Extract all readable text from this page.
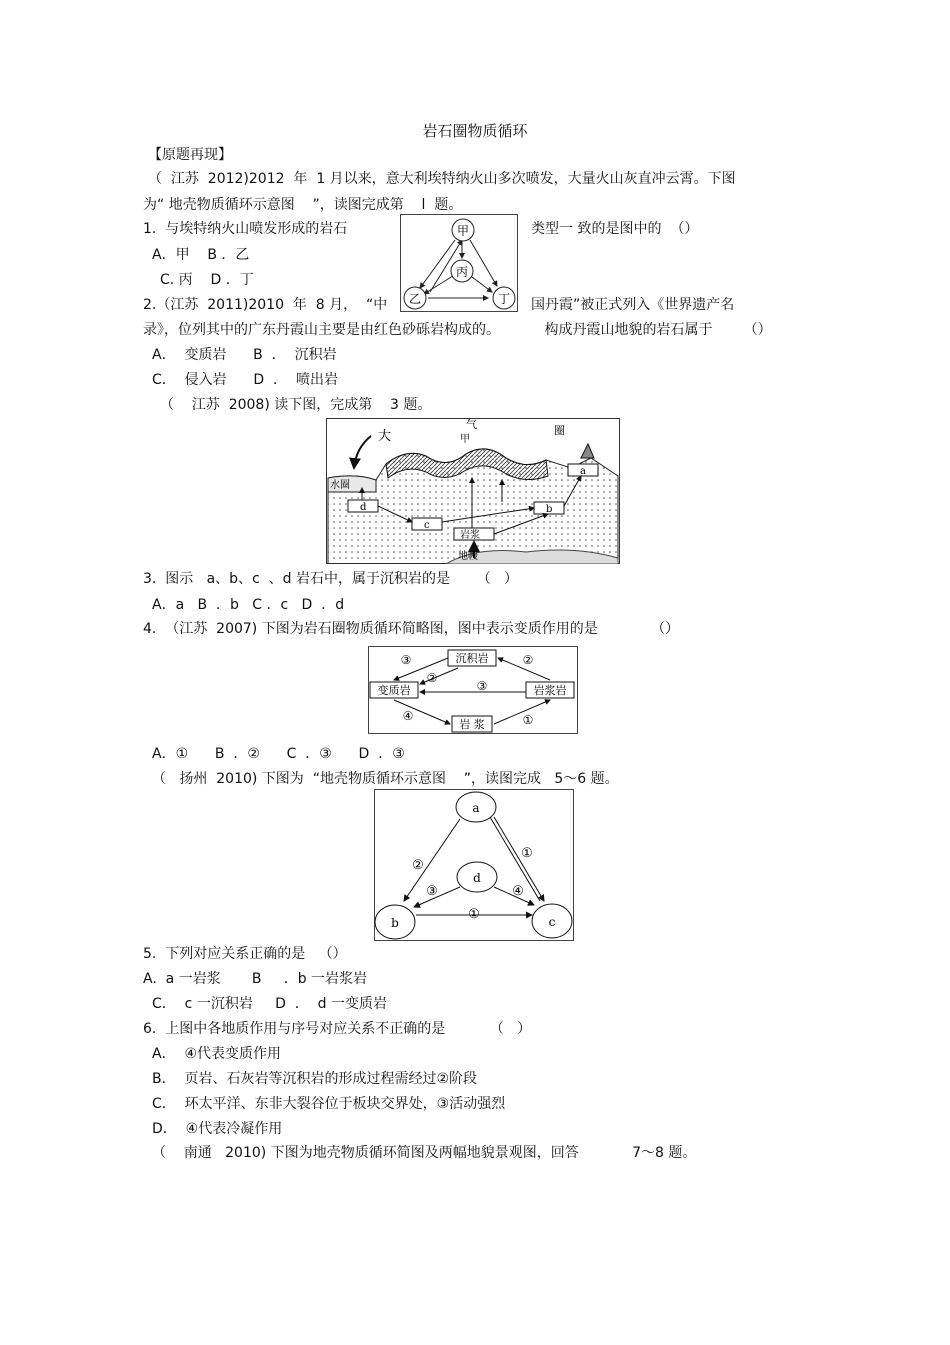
岩石圈物质循环
【原题再现】
（  江苏  2012)2012  年  1 月以来，意大利埃特纳火山多次喷发，大量火山灰直冲云霄。下图
为“ 地壳物质循环示意图    ”，读图完成第    l  题。
1.  与埃特纳火山喷发形成的岩石	类型一 致的是图中的  （）
A．甲    B ．乙
C. 丙    D ．丁
2.（江苏  2011)2010  年  8 月，  “中	国丹霞”被正式列入《世界遗产名
录》，位列其中的广东丹霞山主要是由红色砂砾岩构成的。          构成丹霞山地貌的岩石属于       （）
A．  变质岩      B  ．  沉积岩
C．  侵入岩      D  ．  喷出岩
（    江苏  2008) 读下图，完成第    3 题。
3.  图示   a、b、c  、d 岩石中，属于沉积岩的是      （   ）
A．a   B  ．b   C ．c   D  ．d
4.  （江苏  2007) 下图为岩石圈物质循环简略图，图中表示变质作用的是            （）
A．①      B  ．②      C  ．③      D  ．③
（   扬州  2010) 下图为  “地壳物质循环示意图    ”，读图完成   5～6 题。
5.  下列对应关系正确的是   （）
A.  a 一岩浆       B     ．b 一岩浆岩
C．  c 一沉积岩     D  ．  d 一变质岩
6.  上图中各地质作用与序号对应关系不正确的是          （   ）
A．  ④代表变质作用
B．  页岩、石灰岩等沉积岩的形成过程需经过②阶段
C．  环太平洋、东非大裂谷位于板块交界处，③活动强烈
D．  ④代表冷凝作用
（    南通   2010) 下图为地壳物质循环简图及两幅地貌景观图，回答            7～8 题。
甲
乙
丙
丁
大
气
甲
圈
水圈
a
b
c
d
岩浆
地幔
沉积岩
变质岩	岩浆岩
岩 浆
③	②
②
③
④	①
a
b	c
d
②
①
③	④
①
